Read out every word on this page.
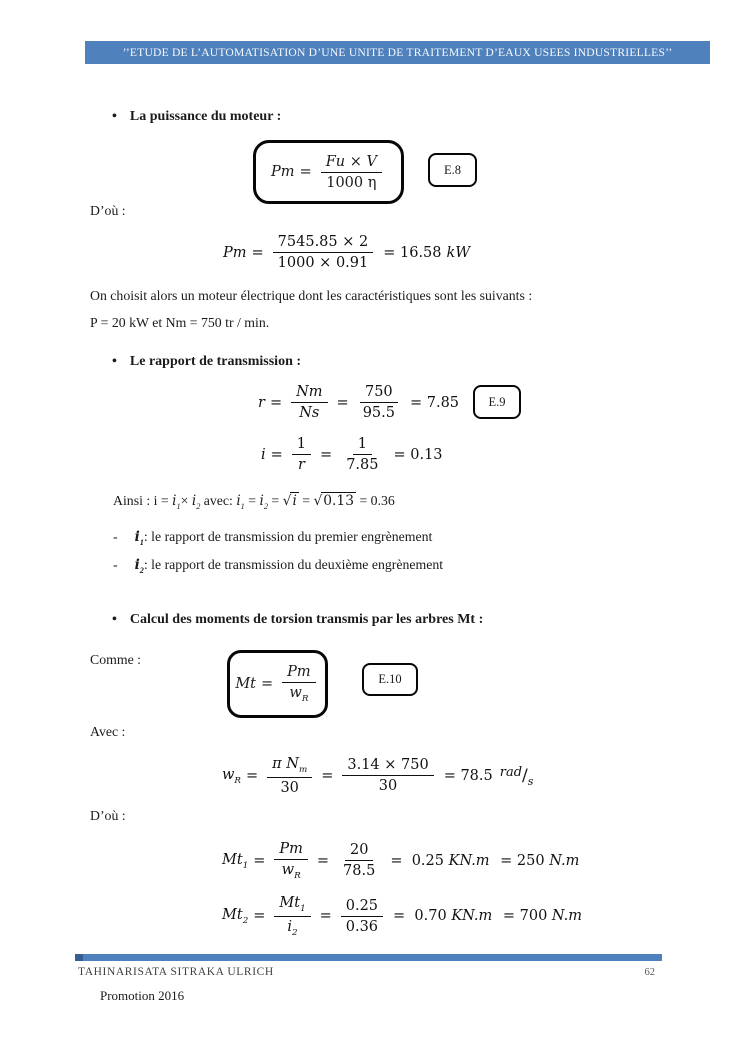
’’ETUDE DE L’AUTOMATISATION D’UNE UNITE DE TRAITEMENT D’EAUX USEES INDUSTRIELLES’’
• La puissance du moteur :
$Pm = \frac{Fu \times V}{1000 \eta}$	E.8
D’où :
$Pm = \frac{7545.85 \times 2}{1000 \times 0.91} = 16.58$ kW
On choisit alors un moteur électrique dont les caractéristiques sont les suivants :
P = 20 kW et Nm = 750 tr / min.
• Le rapport de transmission :
$r = \frac{Nm}{Ns} = \frac{750}{95.5} = 7.85$ E.9
$i = \frac{1}{r} = \frac{1}{7.85} = 0.13$
Ainsi : $i = i_1\times i_2$ avec: $i_1 = i_2 = √i = √0.13 = 0.36$
- $i_1$: le rapport de transmission du premier engrènement
- $i_2$: le rapport de transmission du deuxième engrènement
• Calcul des moments de torsion transmis par les arbres Mt :
Comme :
$Mt = \frac{Pm}{w_R}$	E.10
Avec :
$w_R = \frac{\pi N_m}{30} = \frac{3.14 \times 750}{30} = 78.5$ rad/$_s$
D’où :
$Mt_1 = \frac{Pm}{w_R} = \frac{20}{78.5} = 0.25$ KN.m = 250 N.m
$Mt_2 = \frac{Mt_1}{i_2} = \frac{0.25}{0.36} = 0.70$ KN.m = 700 N.m
TAHINARISATA SITRAKA ULRICH	62
Promotion 2016
